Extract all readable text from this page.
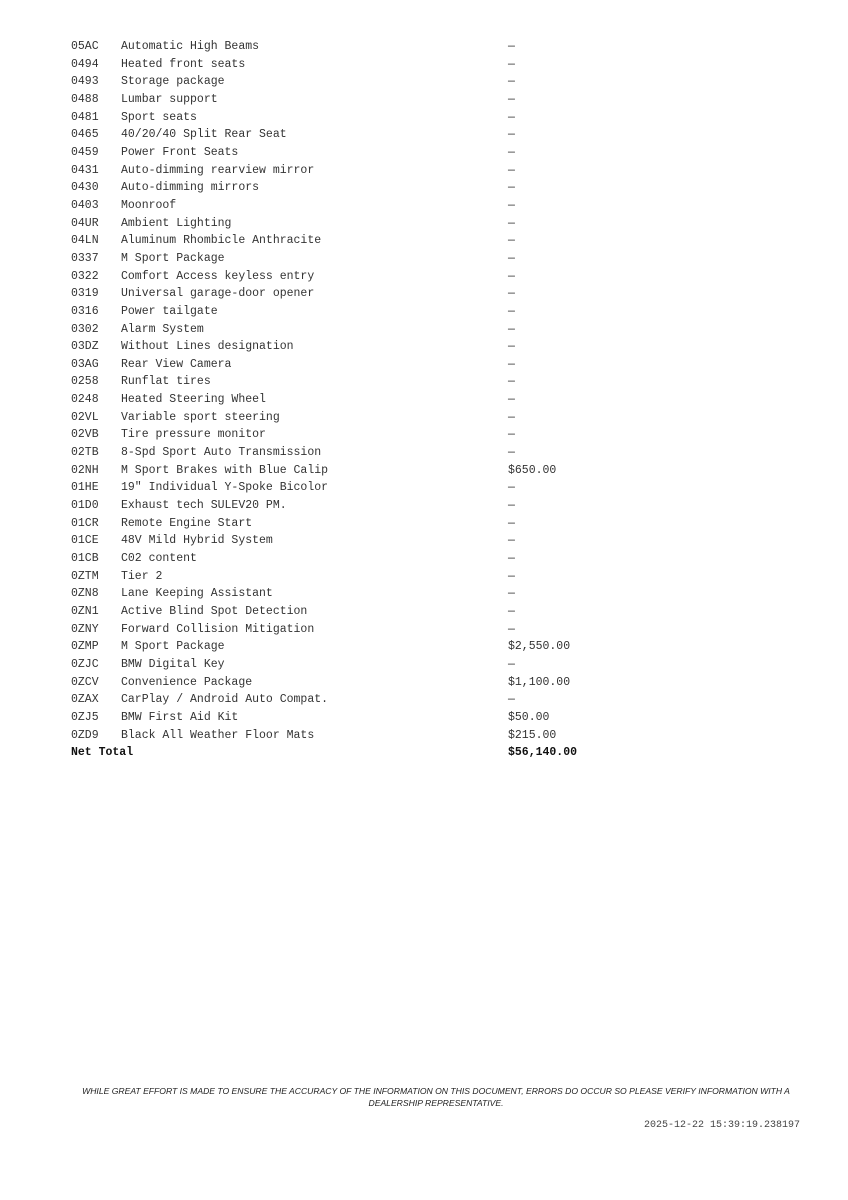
05AC	Automatic High Beams	—
0494	Heated front seats	—
0493	Storage package	—
0488	Lumbar support	—
0481	Sport seats	—
0465	40/20/40 Split Rear Seat	—
0459	Power Front Seats	—
0431	Auto-dimming rearview mirror	—
0430	Auto-dimming mirrors	—
0403	Moonroof	—
04UR	Ambient Lighting	—
04LN	Aluminum Rhombicle Anthracite	—
0337	M Sport Package	—
0322	Comfort Access keyless entry	—
0319	Universal garage-door opener	—
0316	Power tailgate	—
0302	Alarm System	—
03DZ	Without Lines designation	—
03AG	Rear View Camera	—
0258	Runflat tires	—
0248	Heated Steering Wheel	—
02VL	Variable sport steering	—
02VB	Tire pressure monitor	—
02TB	8-Spd Sport Auto Transmission	—
02NH	M Sport Brakes with Blue Calip	$650.00
01HE	19" Individual Y-Spoke Bicolor	—
01D0	Exhaust tech SULEV20 PM.	—
01CR	Remote Engine Start	—
01CE	48V Mild Hybrid System	—
01CB	C02 content	—
0ZTM	Tier 2	—
0ZN8	Lane Keeping Assistant	—
0ZN1	Active Blind Spot Detection	—
0ZNY	Forward Collision Mitigation	—
0ZMP	M Sport Package	$2,550.00
0ZJC	BMW Digital Key	—
0ZCV	Convenience Package	$1,100.00
0ZAX	CarPlay / Android Auto Compat.	—
0ZJ5	BMW First Aid Kit	$50.00
0ZD9	Black All Weather Floor Mats	$215.00
Net Total		$56,140.00
WHILE GREAT EFFORT IS MADE TO ENSURE THE ACCURACY OF THE INFORMATION ON THIS DOCUMENT, ERRORS DO OCCUR SO PLEASE VERIFY INFORMATION WITH A DEALERSHIP REPRESENTATIVE.
2025-12-22 15:39:19.238197
